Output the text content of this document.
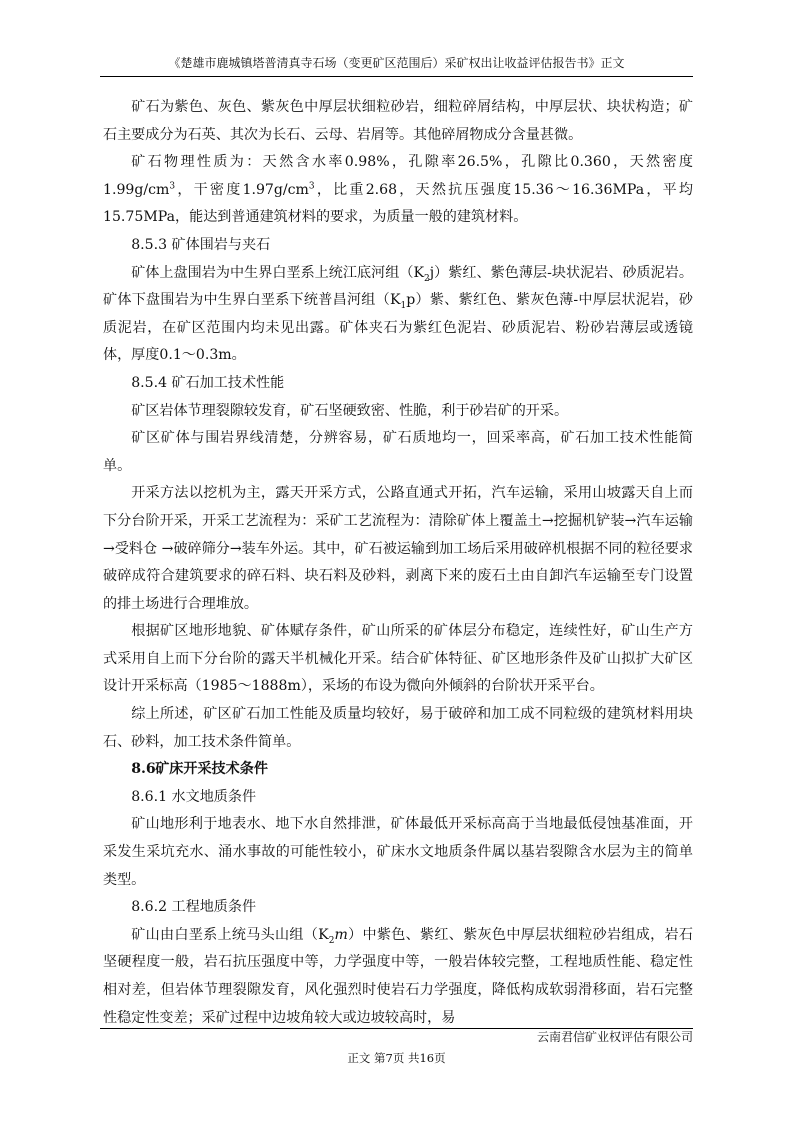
《楚雄市鹿城镇塔普清真寺石场（变更矿区范围后）采矿权出让收益评估报告书》正文

矿石为紫色、灰色、紫灰色中厚层状细粒砂岩，细粒碎屑结构，中厚层状、块状构造；矿石主要成分为石英、其次为长石、云母、岩屑等。其他碎屑物成分含量甚微。

矿石物理性质为：天然含水率0.98%，孔隙率26.5%，孔隙比0.360，天然密度$1.99g/cm^3$，干密度$1.97g/cm^3$，比重2.68，天然抗压强度15.36～16.36MPa，平均15.75MPa，能达到普通建筑材料的要求，为质量一般的建筑材料。

8.5.3 矿体围岩与夹石

矿体上盘围岩为中生界白垩系上统江底河组$(K_2j)$紫红、紫色薄层-块状泥岩、砂质泥岩。矿体下盘围岩为中生界白垩系下统普昌河组$(K_1p)$紫、紫红色、紫灰色薄-中厚层状泥岩，砂质泥岩，在矿区范围内均未见出露。矿体夹石为紫红色泥岩、砂质泥岩、粉砂岩薄层或透镜体，厚度0.1～0.3m。

8.5.4 矿石加工技术性能

矿区岩体节理裂隙较发育，矿石坚硬致密、性脆，利于砂岩矿的开采。

矿区矿体与围岩界线清楚，分辨容易，矿石质地均一，回采率高，矿石加工技术性能简单。

开采方法以挖机为主，露天开采方式，公路直通式开拓，汽车运输，采用山坡露天自上而下分台阶开采，开采工艺流程为：采矿工艺流程为：清除矿体上覆盖土→挖掘机铲装→汽车运输→受料仓 →破碎筛分→装车外运。其中，矿石被运输到加工场后采用破碎机根据不同的粒径要求破碎成符合建筑要求的碎石料、块石料及砂料，剥离下来的废石土由自卸汽车运输至专门设置的排土场进行合理堆放。

根据矿区地形地貌、矿体赋存条件，矿山所采的矿体层分布稳定，连续性好，矿山生产方式采用自上而下分台阶的露天半机械化开采。结合矿体特征、矿区地形条件及矿山拟扩大矿区设计开采标高（1985～1888m），采场的布设为微向外倾斜的台阶状开采平台。

综上所述，矿区矿石加工性能及质量均较好，易于破碎和加工成不同粒级的建筑材料用块石、砂料，加工技术条件简单。

8.6矿床开采技术条件

8.6.1 水文地质条件

矿山地形利于地表水、地下水自然排泄，矿体最低开采标高高于当地最低侵蚀基准面，开采发生采坑充水、涌水事故的可能性较小，矿床水文地质条件属以基岩裂隙含水层为主的简单类型。

8.6.2 工程地质条件

矿山由白垩系上统马头山组$(K_2m)$中紫色、紫红、紫灰色中厚层状细粒砂岩组成，岩石坚硬程度一般，岩石抗压强度中等，力学强度中等，一般岩体较完整，工程地质性能、稳定性相对差，但岩体节理裂隙发育，风化强烈时使岩石力学强度，降低构成软弱滑移面，岩石完整性稳定性变差；采矿过程中边坡角较大或边坡较高时，易

云南君信矿业权评估有限公司
正文 第7页 共16页
